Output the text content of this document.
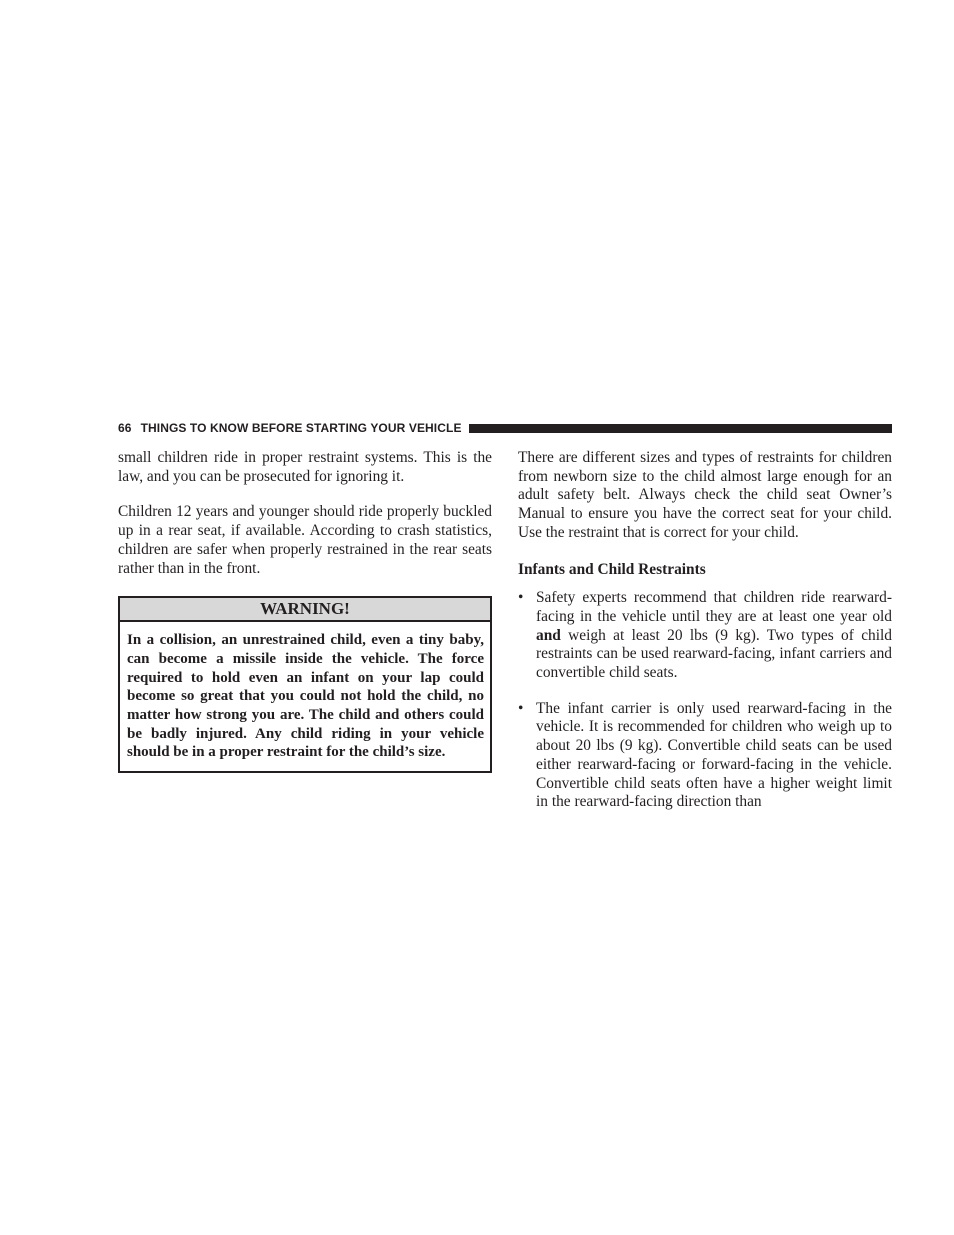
66 THINGS TO KNOW BEFORE STARTING YOUR VEHICLE

small children ride in proper restraint systems. This is the law, and you can be prosecuted for ignoring it.

Children 12 years and younger should ride properly buckled up in a rear seat, if available. According to crash statistics, children are safer when properly restrained in the rear seats rather than in the front.

WARNING!
In a collision, an unrestrained child, even a tiny baby, can become a missile inside the vehicle. The force required to hold even an infant on your lap could become so great that you could not hold the child, no matter how strong you are. The child and others could be badly injured. Any child riding in your vehicle should be in a proper restraint for the child’s size.

There are different sizes and types of restraints for children from newborn size to the child almost large enough for an adult safety belt. Always check the child seat Owner’s Manual to ensure you have the correct seat for your child. Use the restraint that is correct for your child.

Infants and Child Restraints

• Safety experts recommend that children ride rearward-facing in the vehicle until they are at least one year old and weigh at least 20 lbs (9 kg). Two types of child restraints can be used rearward-facing, infant carriers and convertible child seats.
• The infant carrier is only used rearward-facing in the vehicle. It is recommended for children who weigh up to about 20 lbs (9 kg). Convertible child seats can be used either rearward-facing or forward-facing in the vehicle. Convertible child seats often have a higher weight limit in the rearward-facing direction than
